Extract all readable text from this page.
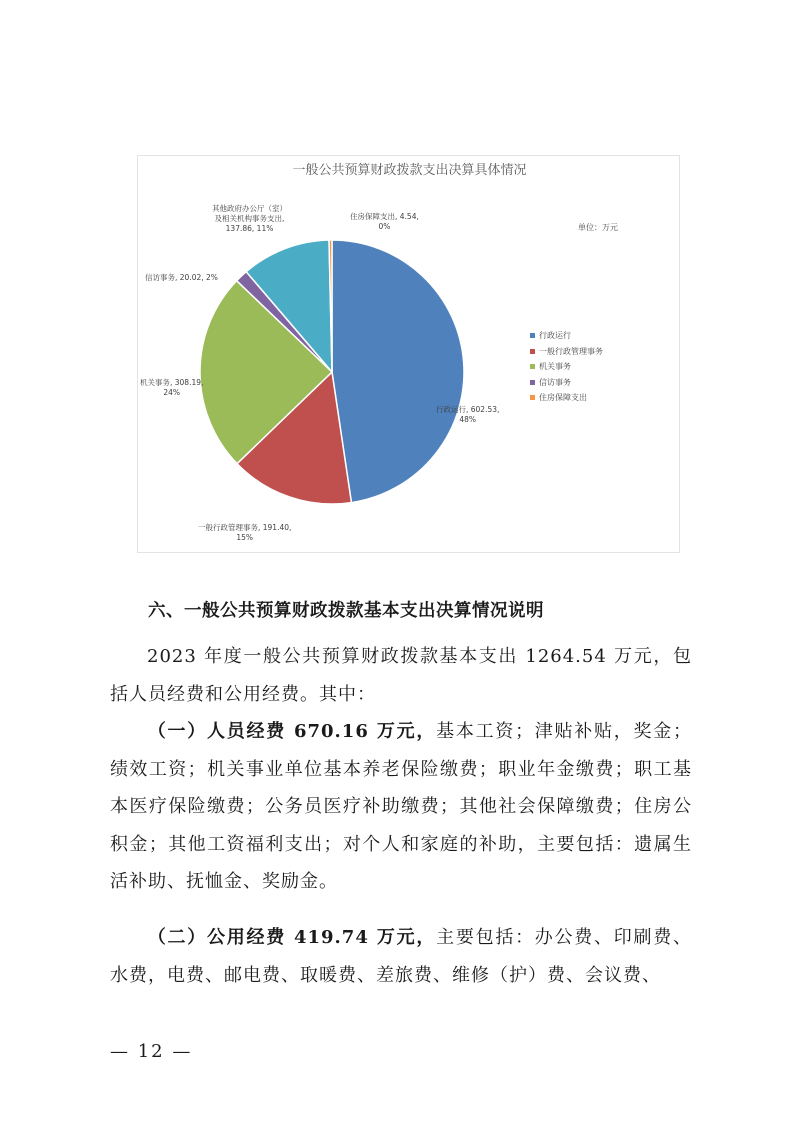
一般公共预算财政拨款支出决算具体情况
单位：万元
行政运行
一般行政管理事务
机关事务
信访事务
住房保障支出
行政运行, 602.53,
48%
一般行政管理事务, 191.40,
15%
机关事务, 308.19,
24%
信访事务, 20.02, 2%
其他政府办公厅（室）
及相关机构事务支出,
137.86, 11%
住房保障支出, 4.54,
0%
六、一般公共预算财政拨款基本支出决算情况说明
2023 年度一般公共预算财政拨款基本支出 1264.54 万元，包括人员经费和公用经费。其中：
（一）人员经费 670.16 万元，基本工资；津贴补贴，奖金；绩效工资；机关事业单位基本养老保险缴费；职业年金缴费；职工基本医疗保险缴费；公务员医疗补助缴费；其他社会保障缴费；住房公积金；其他工资福利支出；对个人和家庭的补助，主要包括：遗属生活补助、抚恤金、奖励金。
（二）公用经费 419.74 万元，主要包括：办公费、印刷费、水费，电费、邮电费、取暖费、差旅费、维修（护）费、会议费、
— 12 —
